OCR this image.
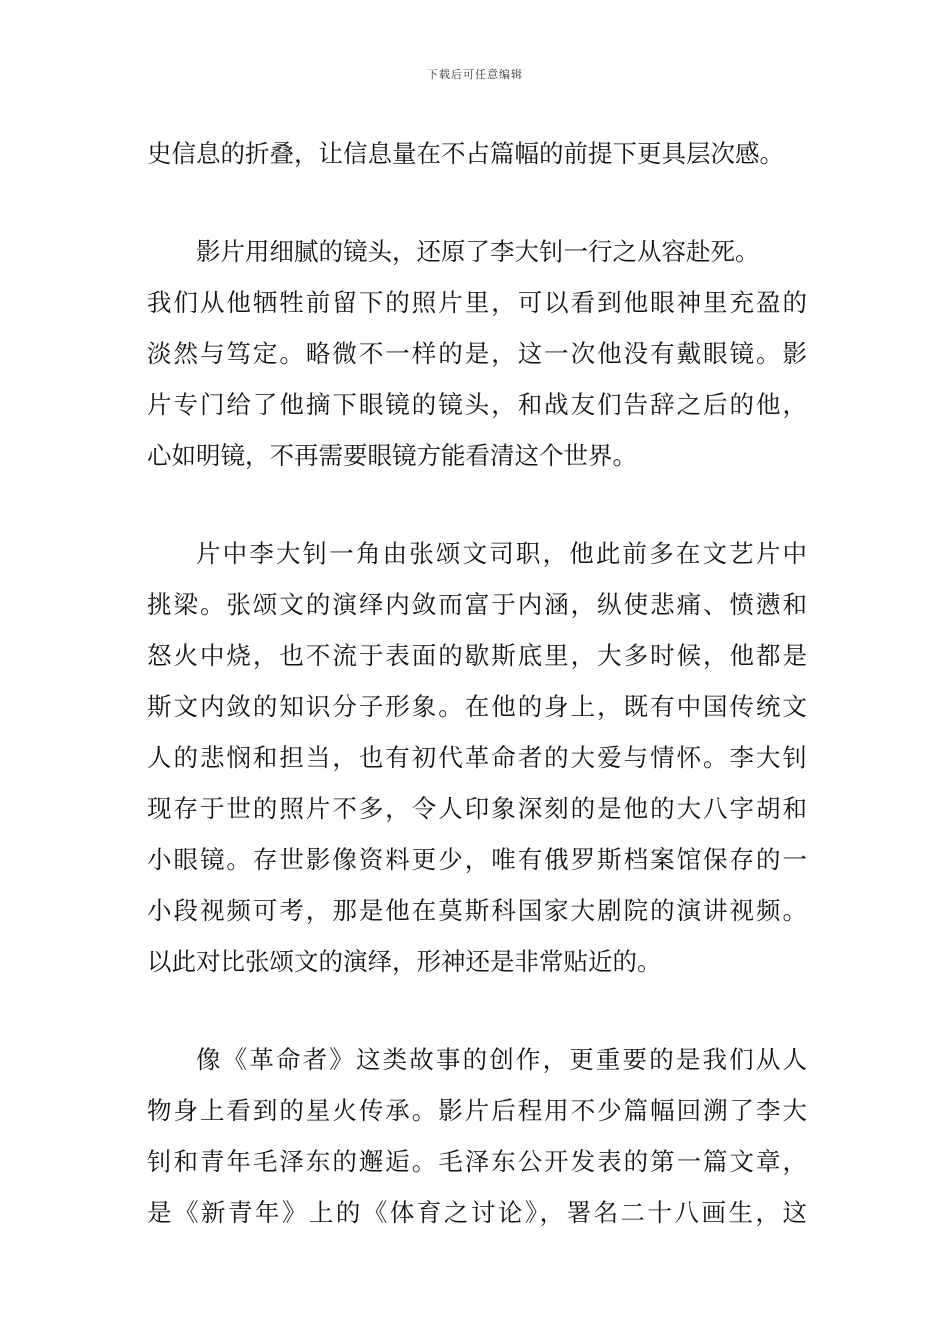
下载后可任意编辑
史信息的折叠，让信息量在不占篇幅的前提下更具层次感。
影片用细腻的镜头，还原了李大钊一行之从容赴死。
我们从他牺牲前留下的照片里，可以看到他眼神里充盈的
淡然与笃定。略微不一样的是，这一次他没有戴眼镜。影
片专门给了他摘下眼镜的镜头，和战友们告辞之后的他，
心如明镜，不再需要眼镜方能看清这个世界。
片中李大钊一角由张颂文司职，他此前多在文艺片中
挑梁。张颂文的演绎内敛而富于内涵，纵使悲痛、愤懑和
怒火中烧，也不流于表面的歇斯底里，大多时候，他都是
斯文内敛的知识分子形象。在他的身上，既有中国传统文
人的悲悯和担当，也有初代革命者的大爱与情怀。李大钊
现存于世的照片不多，令人印象深刻的是他的大八字胡和
小眼镜。存世影像资料更少，唯有俄罗斯档案馆保存的一
小段视频可考，那是他在莫斯科国家大剧院的演讲视频。
以此对比张颂文的演绎，形神还是非常贴近的。
像《革命者》这类故事的创作，更重要的是我们从人
物身上看到的星火传承。影片后程用不少篇幅回溯了李大
钊和青年毛泽东的邂逅。毛泽东公开发表的第一篇文章，
是《新青年》上的《体育之讨论》，署名二十八画生，这
